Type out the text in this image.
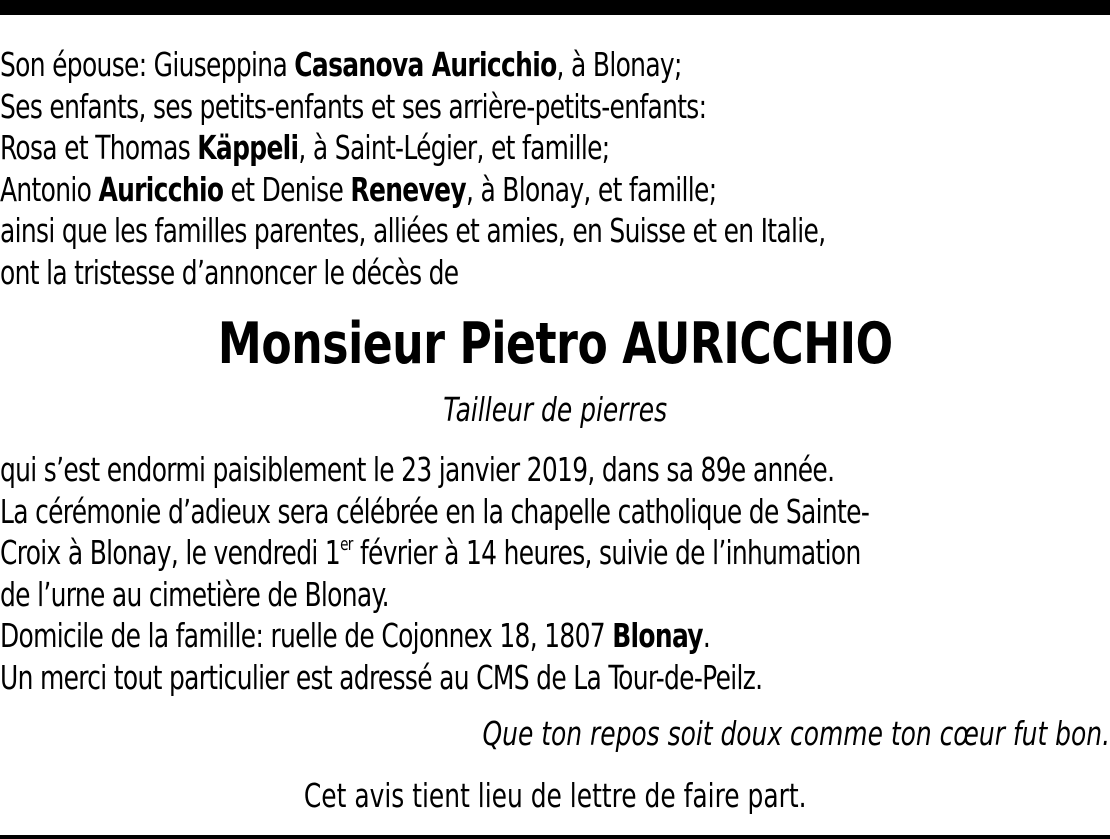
Son épouse: Giuseppina Casanova Auricchio, à Blonay;
Ses enfants, ses petits-enfants et ses arrière-petits-enfants:
Rosa et Thomas Käppeli, à Saint-Légier, et famille;
Antonio Auricchio et Denise Renevey, à Blonay, et famille;
ainsi que les familles parentes, alliées et amies, en Suisse et en Italie,
ont la tristesse d’annoncer le décès de
Monsieur Pietro AURICCHIO
Tailleur de pierres
qui s’est endormi paisiblement le 23 janvier 2019, dans sa 89e année.
La cérémonie d’adieux sera célébrée en la chapelle catholique de Sainte-
Croix à Blonay, le vendredi 1er février à 14 heures, suivie de l’inhumation
de l’urne au cimetière de Blonay.
Domicile de la famille: ruelle de Cojonnex 18, 1807 Blonay.
Un merci tout particulier est adressé au CMS de La Tour-de-Peilz.
Que ton repos soit doux comme ton cœur fut bon.
Cet avis tient lieu de lettre de faire part.
